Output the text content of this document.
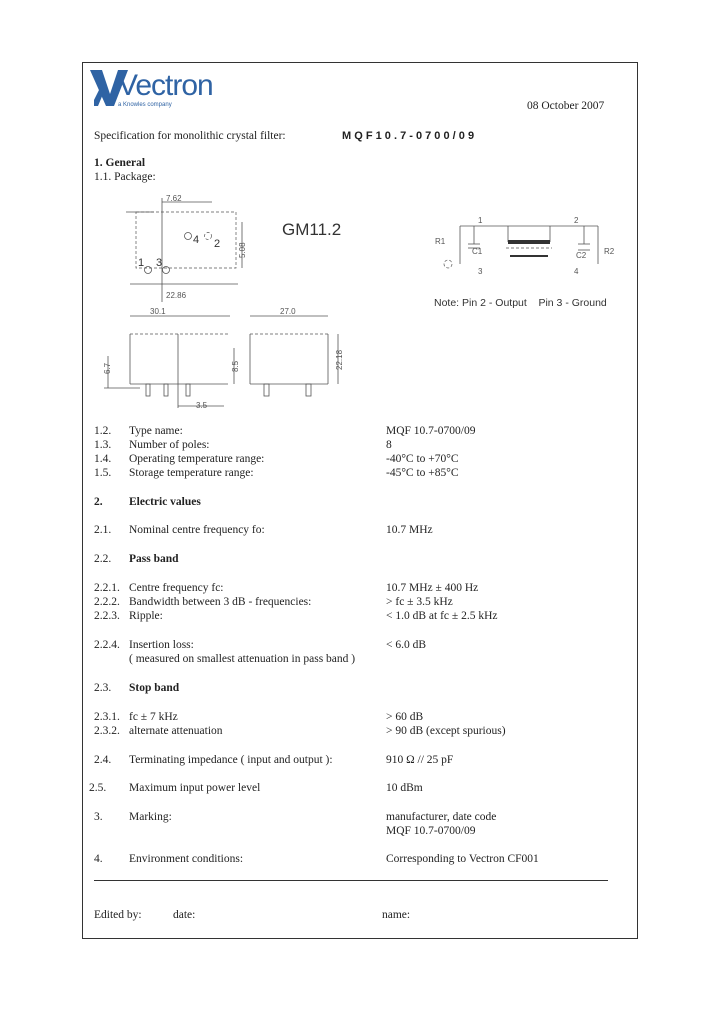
Vectron
a Knowles company	08 October 2007
Specification for monolithic crystal filter:	M Q F 1 0 . 7 - 0 7 0 0 / 0 9
1. General
1.1. Package:
7.62
22.86
5.08
4 2
1 3
GM11.2
30.1
6.7	8.5
3.5
27.0
22.18
1	2
R1
C1	C2 R2
3	4
Note: Pin 2 - Output    Pin 3 - Ground
1.2. Type name:	MQF 10.7-0700/09
1.3. Number of poles:	8
1.4. Operating temperature range:	-40°C to +70°C
1.5. Storage temperature range:	-45°C to +85°C
2. Electric values
2.1. Nominal centre frequency fo:	10.7 MHz
2.2. Pass band
2.2.1. Centre frequency fc:	10.7 MHz ± 400 Hz
2.2.2. Bandwidth between 3 dB - frequencies:	> fc ± 3.5 kHz
2.2.3. Ripple:	< 1.0 dB at fc ± 2.5 kHz
2.2.4. Insertion loss:	< 6.0 dB
( measured on smallest attenuation in pass band )
2.3. Stop band
2.3.1. fc ± 7 kHz	> 60 dB
2.3.2. alternate attenuation	> 90 dB (except spurious)
2.4. Terminating impedance ( input and output ):	910 Ω // 25 pF
2.5. Maximum input power level	10 dBm
3. Marking:	manufacturer, date code
MQF 10.7-0700/09
4. Environment conditions:	Corresponding to Vectron CF001
Edited by:	date:	name:
